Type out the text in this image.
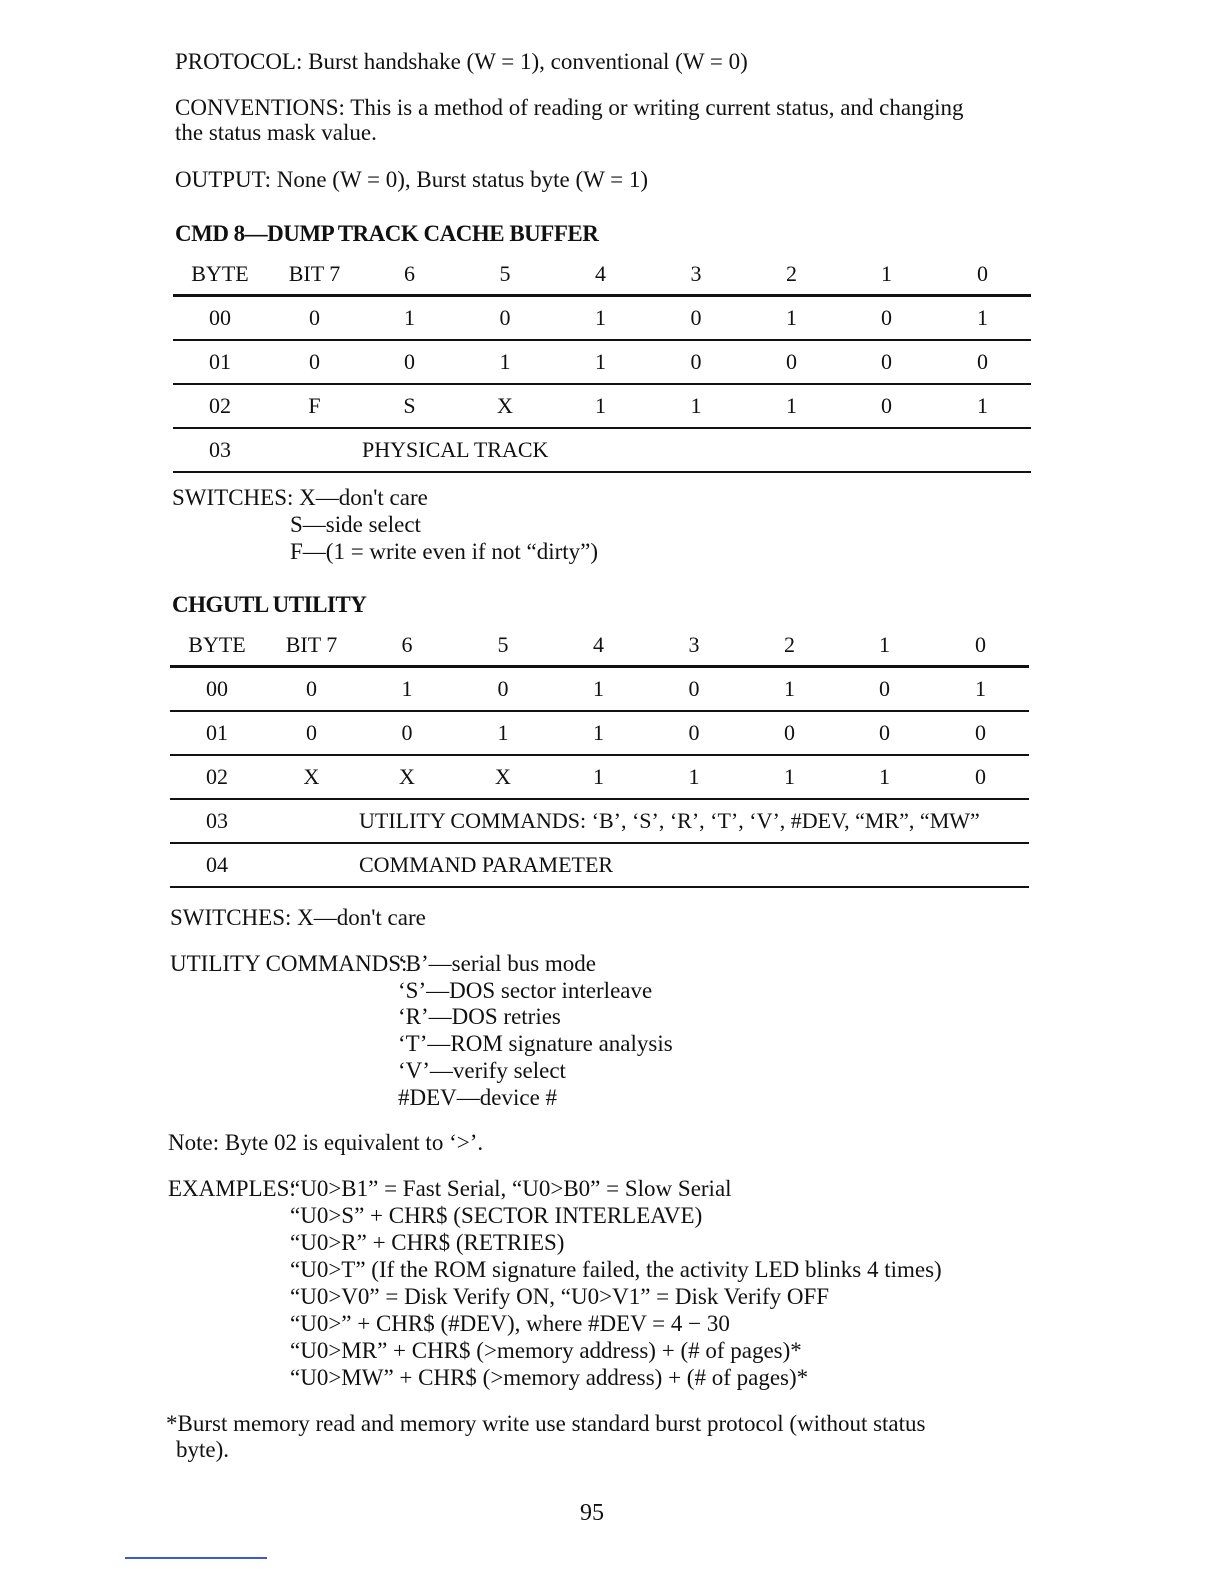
PROTOCOL: Burst handshake (W = 1), conventional (W = 0)
CONVENTIONS: This is a method of reading or writing current status, and changing
the status mask value.
OUTPUT: None (W = 0), Burst status byte (W = 1)
CMD 8—DUMP TRACK CACHE BUFFER
BYTE	BIT 7	6	5	4	3	2	1	0
00	0	1	0	1	0	1	0	1
01	0	0	1	1	0	0	0	0
02	F	S	X	1	1	1	0	1
03	PHYSICAL TRACK							
SWITCHES: X—don't care
S—side select
F—(1 = write even if not “dirty”)
CHGUTL UTILITY
BYTE	BIT 7	6	5	4	3	2	1	0
00	0	1	0	1	0	1	0	1
01	0	0	1	1	0	0	0	0
02	X	X	X	1	1	1	1	0
03	UTILITY COMMANDS: ‘B’, ‘S’, ‘R’, ‘T’, ‘V’, #DEV, “MR”, “MW”							
04	COMMAND PARAMETER							
SWITCHES: X—don't care
UTILITY COMMANDS:
‘B’—serial bus mode
‘S’—DOS sector interleave
‘R’—DOS retries
‘T’—ROM signature analysis
‘V’—verify select
#DEV—device #
Note: Byte 02 is equivalent to ‘>’.
EXAMPLES:
“U0>B1” = Fast Serial, “U0>B0” = Slow Serial
“U0>S” + CHR$ (SECTOR INTERLEAVE)
“U0>R” + CHR$ (RETRIES)
“U0>T” (If the ROM signature failed, the activity LED blinks 4 times)
“U0>V0” = Disk Verify ON, “U0>V1” = Disk Verify OFF
“U0>” + CHR$ (#DEV), where #DEV = 4 − 30
“U0>MR” + CHR$ (>memory address) + (# of pages)*
“U0>MW” + CHR$ (>memory address) + (# of pages)*
*Burst memory read and memory write use standard burst protocol (without status
byte).
95
